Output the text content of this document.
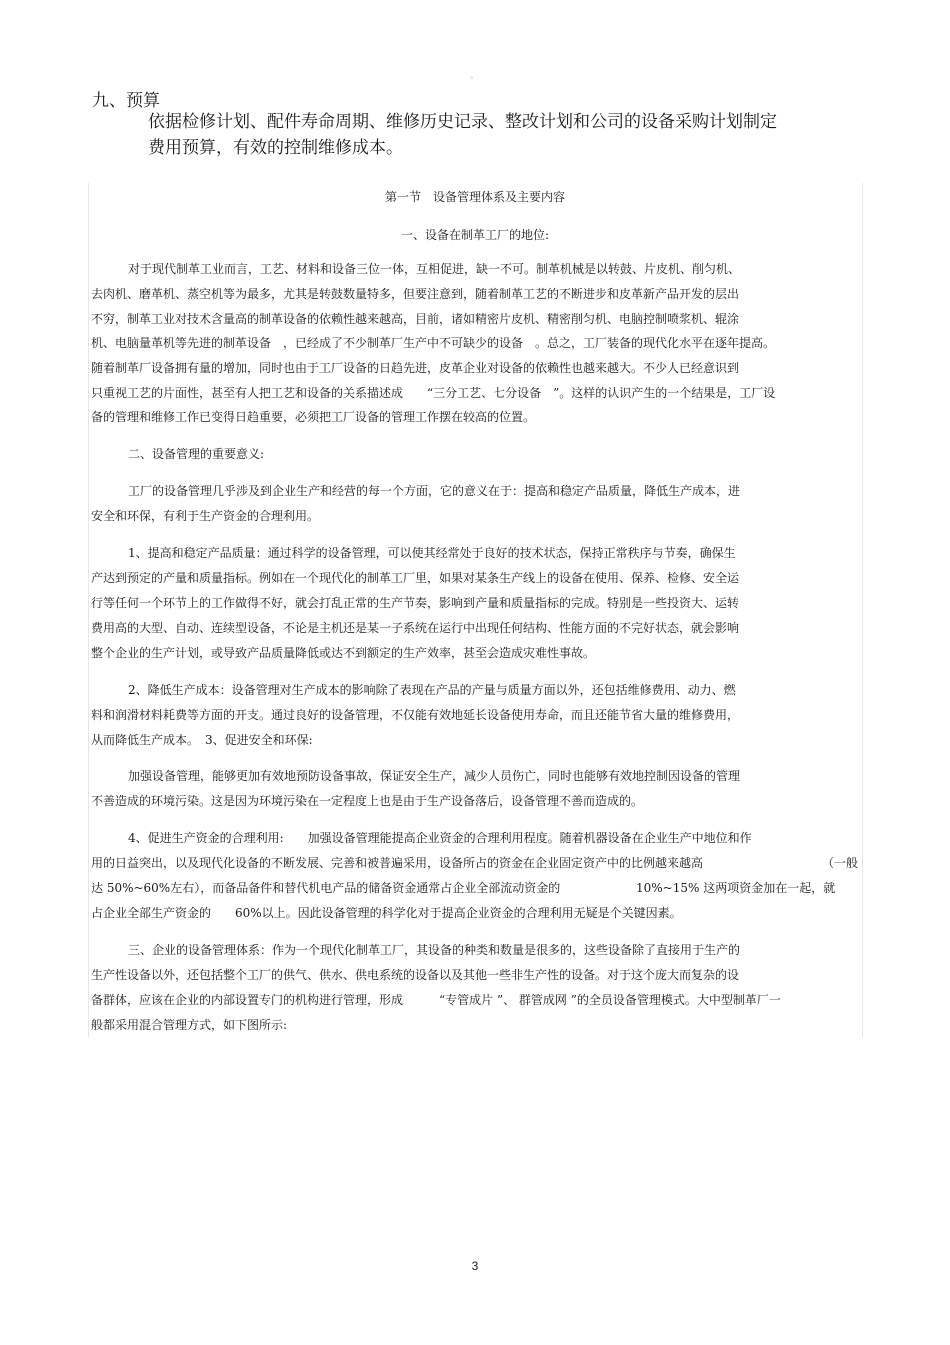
。
九、预算

依据检修计划、配件寿命周期、维修历史记录、整改计划和公司的设备采购计划制定

费用预算，有效的控制维修成本。

第一节　设备管理体系及主要内容

一、设备在制革工厂的地位:

对于现代制革工业而言，工艺、材料和设备三位一体，互相促进，缺一不可。制革机械是以转鼓、片皮机、削匀机、

去肉机、磨革机、蒸空机等为最多，尤其是转鼓数量特多，但要注意到，随着制革工艺的不断进步和皮革新产品开发的层出

不穷，制革工业对技术含量高的制革设备的依赖性越来越高，目前，诸如精密片皮机、精密削匀机、电脑控制喷浆机、辊涂

机、电脑量革机等先进的制革设备　，已经成了不少制革厂生产中不可缺少的设备　。总之，工厂装备的现代化水平在逐年提高。

随着制革厂设备拥有量的增加，同时也由于工厂设备的日趋先进，皮革企业对设备的依赖性也越来越大。不少人已经意识到

只重视工艺的片面性，甚至有人把工艺和设备的关系描述成　　“三分工艺、七分设备　”。这样的认识产生的一个结果是，工厂设

备的管理和维修工作已变得日趋重要，必须把工厂设备的管理工作摆在较高的位置。

二、设备管理的重要意义:

工厂的设备管理几乎涉及到企业生产和经营的每一个方面，它的意义在于：提高和稳定产品质量，降低生产成本，进

安全和环保，有利于生产资金的合理利用。

1、提高和稳定产品质量：通过科学的设备管理，可以使其经常处于良好的技术状态，保持正常秩序与节奏，确保生

产达到预定的产量和质量指标。例如在一个现代化的制革工厂里，如果对某条生产线上的设备在使用、保养、检修、安全运

行等任何一个环节上的工作做得不好，就会打乱正常的生产节奏，影响到产量和质量指标的完成。特别是一些投资大、运转

费用高的大型、自动、连续型设备，不论是主机还是某一子系统在运行中出现任何结构、性能方面的不完好状态，就会影响

整个企业的生产计划，或导致产品质量降低或达不到额定的生产效率，甚至会造成灾难性事故。

2、降低生产成本：设备管理对生产成本的影响除了表现在产品的产量与质量方面以外，还包括维修费用、动力、燃

料和润滑材料耗费等方面的开支。通过良好的设备管理，不仅能有效地延长设备使用寿命，而且还能节省大量的维修费用，

从而降低生产成本。　3、促进安全和环保:

加强设备管理，能够更加有效地预防设备事故，保证安全生产，减少人员伤亡，同时也能够有效地控制因设备的管理

不善造成的环境污染。这是因为环境污染在一定程度上也是由于生产设备落后，设备管理不善而造成的。

4、促进生产资金的合理利用:　　加强设备管理能提高企业资金的合理利用程度。随着机器设备在企业生产中地位和作

用的日益突出，以及现代化设备的不断发展、完善和被普遍采用，设备所占的资金在企业固定资产中的比例越来越高	（一般

达 50%~60%左右），而备品备件和替代机电产品的储备资金通常占企业全部流动资金的	10%~15% 这两项资金加在一起，就

占企业全部生产资金的　　60%以上。因此设备管理的科学化对于提高企业资金的合理利用无疑是个关键因素。

三、企业的设备管理体系：作为一个现代化制革工厂，其设备的种类和数量是很多的，这些设备除了直接用于生产的

生产性设备以外，还包括整个工厂的供气、供水、供电系统的设备以及其他一些非生产性的设备。对于这个庞大而复杂的设

备群体，应该在企业的内部设置专门的机构进行管理，形成　　　“专管成片 ”、 群管成网 ”的全员设备管理模式。大中型制革厂一

般都采用混合管理方式，如下图所示:

3
